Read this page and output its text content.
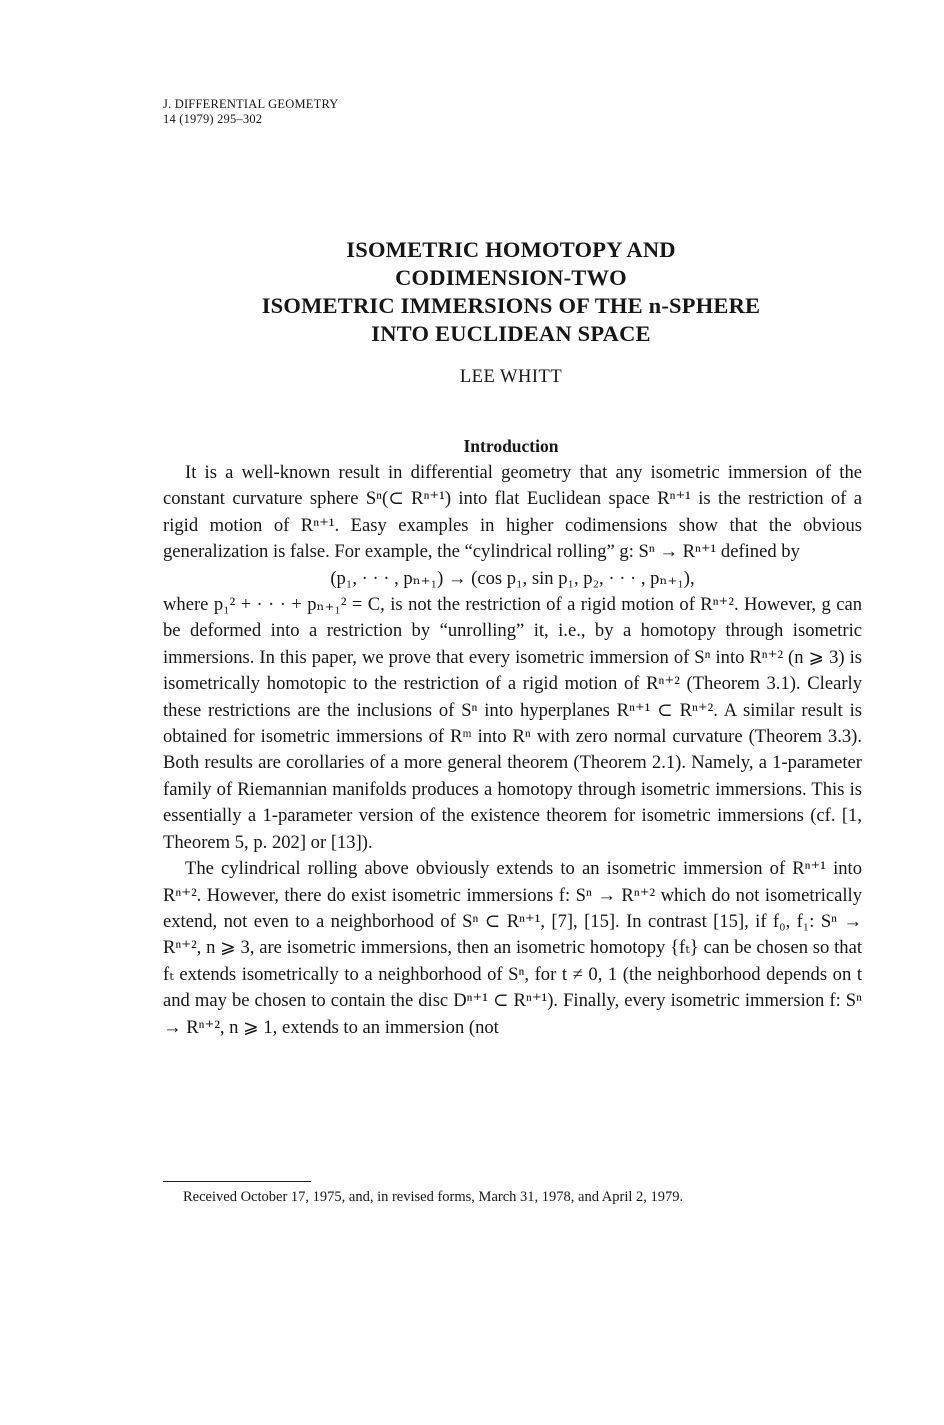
J. DIFFERENTIAL GEOMETRY
14 (1979) 295–302
ISOMETRIC HOMOTOPY AND
CODIMENSION-TWO
ISOMETRIC IMMERSIONS OF THE n-SPHERE
INTO EUCLIDEAN SPACE
LEE WHITT
Introduction

It is a well-known result in differential geometry that any isometric immersion of the constant curvature sphere Sⁿ(⊂ Rⁿ⁺¹) into flat Euclidean space Rⁿ⁺¹ is the restriction of a rigid motion of Rⁿ⁺¹. Easy examples in higher codimensions show that the obvious generalization is false. For example, the “cylindrical rolling” g: Sⁿ → Rⁿ⁺¹ defined by

(p₁, · · · , pₙ₊₁) → (cos p₁, sin p₁, p₂, · · · , pₙ₊₁),

where p₁² + · · · + pₙ₊₁² = C, is not the restriction of a rigid motion of Rⁿ⁺². However, g can be deformed into a restriction by “unrolling” it, i.e., by a homotopy through isometric immersions. In this paper, we prove that every isometric immersion of Sⁿ into Rⁿ⁺² (n ⩾ 3) is isometrically homotopic to the restriction of a rigid motion of Rⁿ⁺² (Theorem 3.1). Clearly these restrictions are the inclusions of Sⁿ into hyperplanes Rⁿ⁺¹ ⊂ Rⁿ⁺². A similar result is obtained for isometric immersions of Rᵐ into Rⁿ with zero normal curvature (Theorem 3.3). Both results are corollaries of a more general theorem (Theorem 2.1). Namely, a 1-parameter family of Riemannian manifolds produces a homotopy through isometric immersions. This is essentially a 1-parameter version of the existence theorem for isometric immersions (cf. [1, Theorem 5, p. 202] or [13]).

The cylindrical rolling above obviously extends to an isometric immersion of Rⁿ⁺¹ into Rⁿ⁺². However, there do exist isometric immersions f: Sⁿ → Rⁿ⁺² which do not isometrically extend, not even to a neighborhood of Sⁿ ⊂ Rⁿ⁺¹, [7], [15]. In contrast [15], if f₀, f₁: Sⁿ → Rⁿ⁺², n ⩾ 3, are isometric immersions, then an isometric homotopy {fₜ} can be chosen so that fₜ extends isometrically to a neighborhood of Sⁿ, for t ≠ 0, 1 (the neighborhood depends on t and may be chosen to contain the disc Dⁿ⁺¹ ⊂ Rⁿ⁺¹). Finally, every isometric immersion f: Sⁿ → Rⁿ⁺², n ⩾ 1, extends to an immersion (not

Received October 17, 1975, and, in revised forms, March 31, 1978, and April 2, 1979.
